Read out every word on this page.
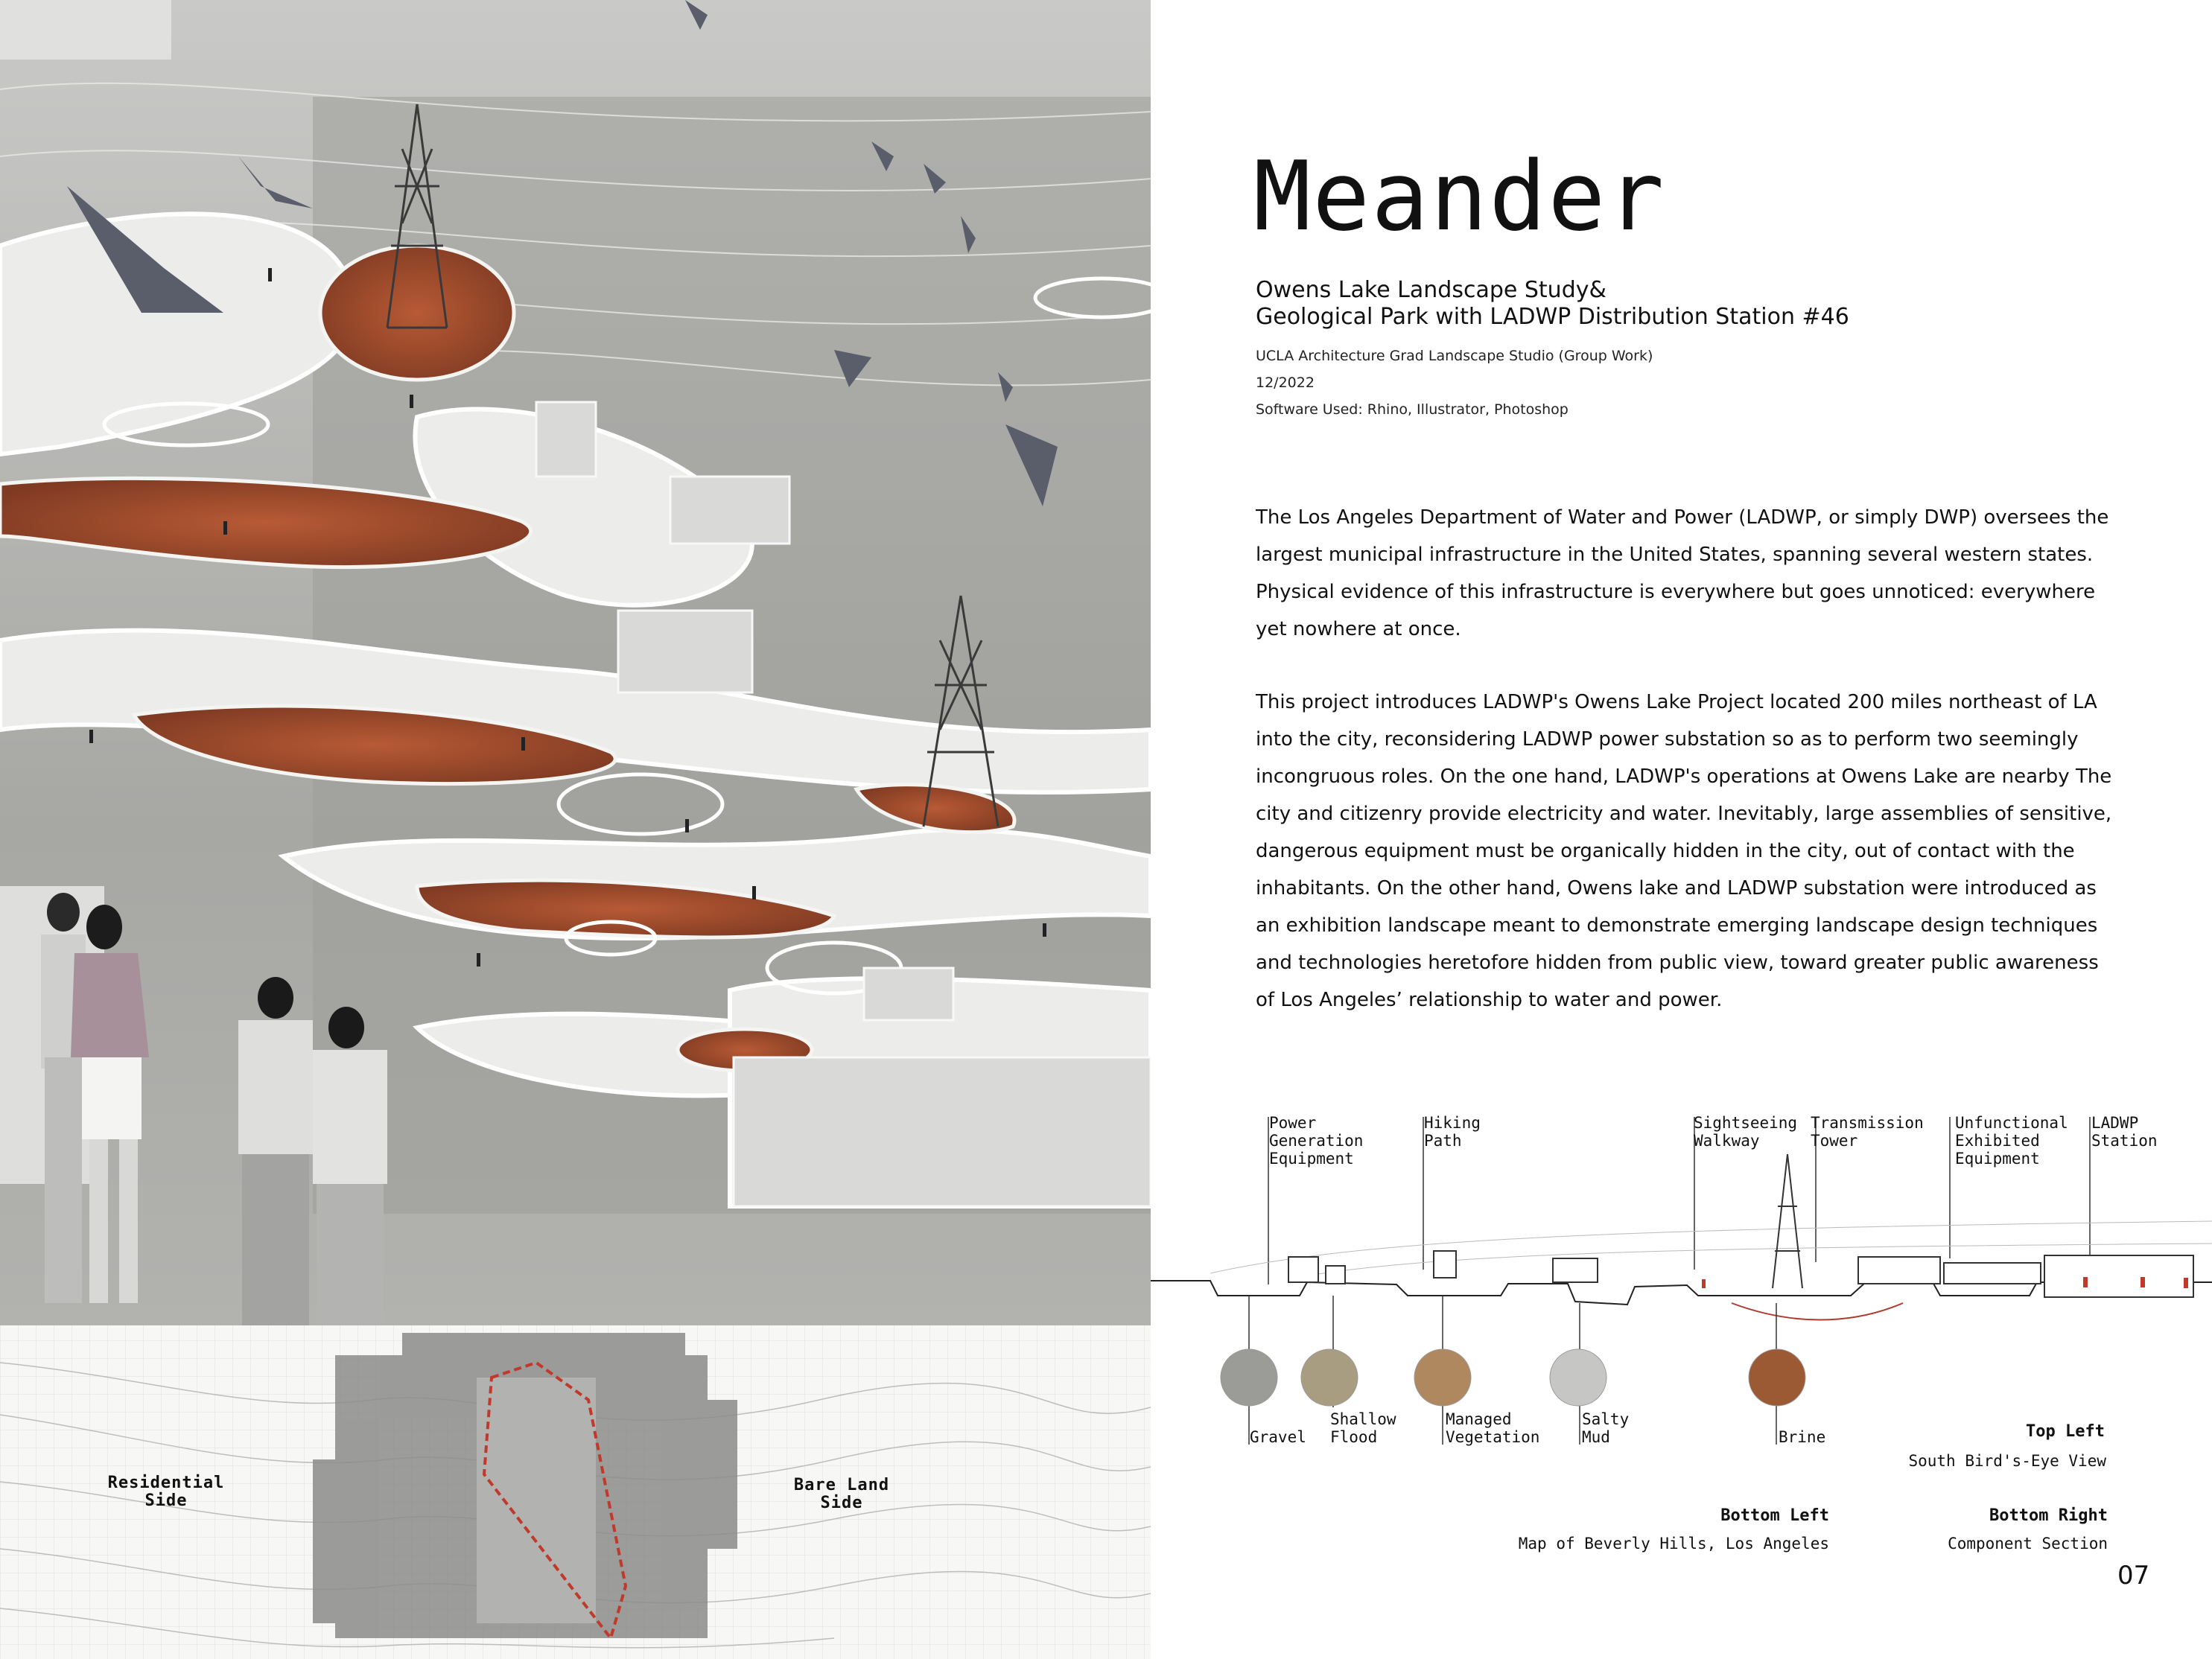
Residential
Side
Bare Land
Side
Meander
Owens Lake Landscape Study&
Geological Park with LADWP Distribution Station #46
UCLA Architecture Grad Landscape Studio (Group Work)
12/2022
Software Used: Rhino, Illustrator, Photoshop

The Los Angeles Department of Water and Power (LADWP, or simply DWP) oversees the largest municipal infrastructure in the United States, spanning several western states. Physical evidence of this infrastructure is everywhere but goes unnoticed: everywhere yet nowhere at once.

This project introduces LADWP's Owens Lake Project located 200 miles northeast of LA into the city, reconsidering LADWP power substation so as to perform two seemingly incongruous roles. On the one hand, LADWP's operations at Owens Lake are nearby The city and citizenry provide electricity and water. Inevitably, large assemblies of sensitive, dangerous equipment must be organically hidden in the city, out of contact with the inhabitants. On the other hand, Owens lake and LADWP substation were introduced as an exhibition landscape meant to demonstrate emerging landscape design techniques and technologies heretofore hidden from public view, toward greater public awareness of Los Angeles’ relationship to water and power.

Power
Generation
Equipment
Hiking
Path
Sightseeing
Walkway
Transmission
Tower
Unfunctional
Exhibited
Equipment
LADWP
Station
Gravel
Shallow
Flood
Managed
Vegetation
Salty
Mud	Brine	Top Left
South Bird's-Eye View
Bottom Left
Map of Beverly Hills, Los Angeles
Bottom Right
Component Section
07
